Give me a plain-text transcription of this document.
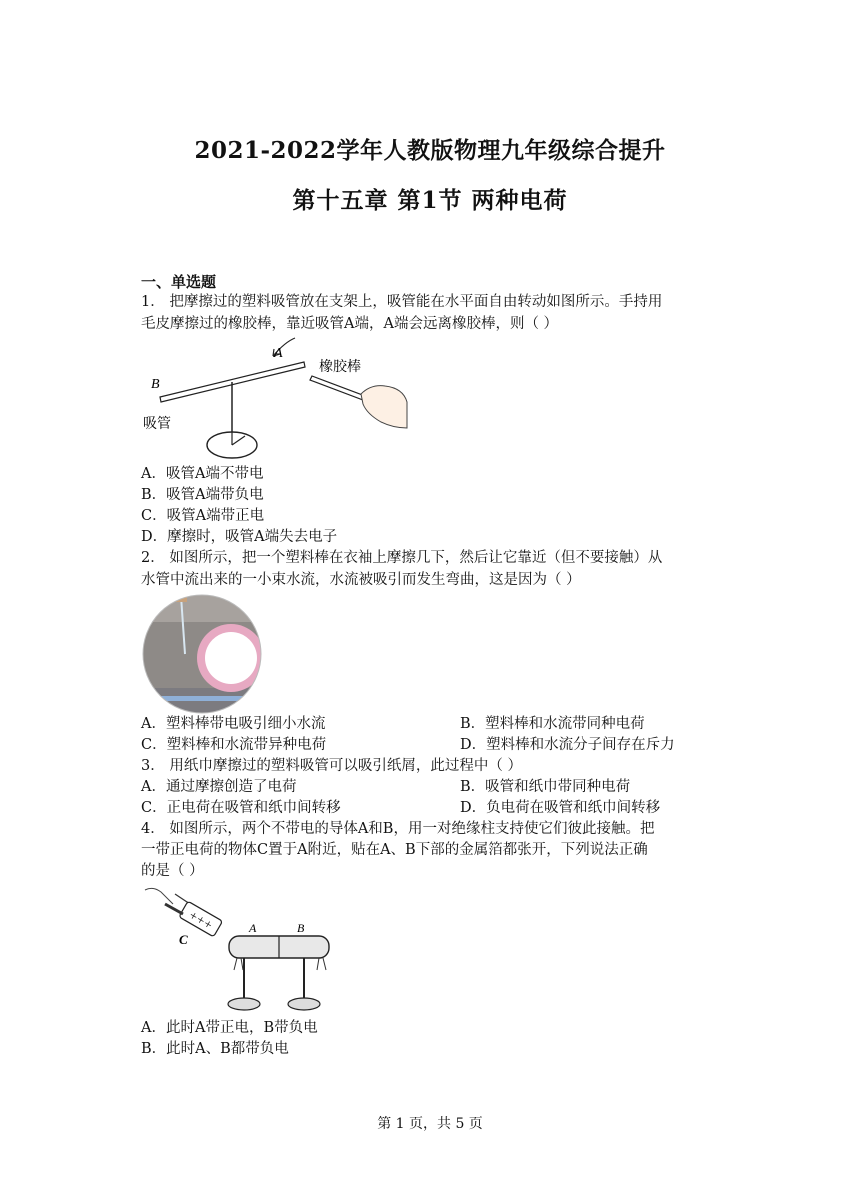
2021-2022学年人教版物理九年级综合提升
第十五章 第1节 两种电荷
一、单选题
1． 把摩擦过的塑料吸管放在支架上，吸管能在水平面自由转动如图所示。手持用
毛皮摩擦过的橡胶棒，靠近吸管A端，A端会远离橡胶棒，则（ ）
A
B
橡胶棒
吸管
A．吸管A端不带电
B．吸管A端带负电
C．吸管A端带正电
D．摩擦时，吸管A端失去电子
2． 如图所示，把一个塑料棒在衣袖上摩擦几下，然后让它靠近（但不要接触）从
水管中流出来的一小束水流，水流被吸引而发生弯曲，这是因为（ ）
A．塑料棒带电吸引细小水流	B．塑料棒和水流带同种电荷
C．塑料棒和水流带异种电荷	D．塑料棒和水流分子间存在斥力
3． 用纸巾摩擦过的塑料吸管可以吸引纸屑，此过程中（ ）
A．通过摩擦创造了电荷	B．吸管和纸巾带同种电荷
C．正电荷在吸管和纸巾间转移	D．负电荷在吸管和纸巾间转移
4． 如图所示，两个不带电的导体A和B，用一对绝缘柱支持使它们彼此接触。把
一带正电荷的物体C置于A附近，贴在A、B下部的金属箔都张开，下列说法正确
的是（ ）
+++
C
A	B
A．此时A带正电，B带负电
B．此时A、B都带负电
第 1 页，共 5 页
